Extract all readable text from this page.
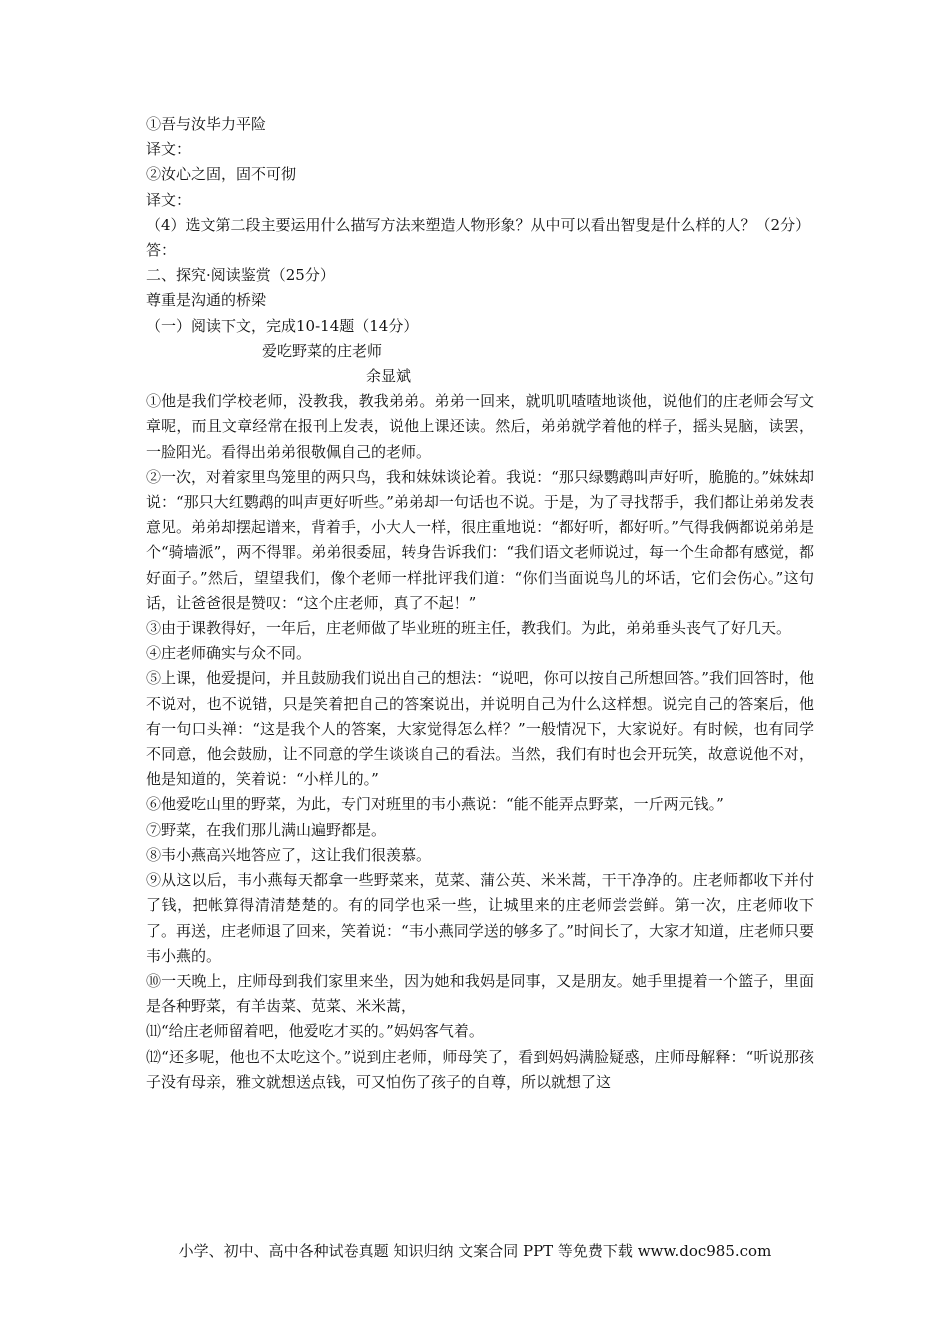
①吾与汝毕力平险
译文：
②汝心之固，固不可彻
译文：

（4）选文第二段主要运用什么描写方法来塑造人物形象？从中可以看出智叟是什么样的人？（2分）

答：
二、探究·阅读鉴赏（25分）
尊重是沟通的桥梁
（一）阅读下文，完成10-14题（14分）
爱吃野菜的庄老师
余显斌

①他是我们学校老师，没教我，教我弟弟。弟弟一回来，就叽叽喳喳地谈他，说他们的庄老师会写文章呢，而且文章经常在报刊上发表，说他上课还读。然后，弟弟就学着他的样子，摇头晃脑，读罢，一脸阳光。看得出弟弟很敬佩自己的老师。

②一次，对着家里鸟笼里的两只鸟，我和妹妹谈论着。我说：“那只绿鹦鹉叫声好听，脆脆的。”妹妹却说：“那只大红鹦鹉的叫声更好听些。”弟弟却一句话也不说。于是，为了寻找帮手，我们都让弟弟发表意见。弟弟却摆起谱来，背着手，小大人一样，很庄重地说：“都好听，都好听。”气得我俩都说弟弟是个“骑墙派”，两不得罪。弟弟很委屈，转身告诉我们：“我们语文老师说过，每一个生命都有感觉，都好面子。”然后，望望我们，像个老师一样批评我们道：“你们当面说鸟儿的坏话，它们会伤心。”这句话，让爸爸很是赞叹：“这个庄老师，真了不起！”

③由于课教得好，一年后，庄老师做了毕业班的班主任，教我们。为此，弟弟垂头丧气了好几天。

④庄老师确实与众不同。

⑤上课，他爱提问，并且鼓励我们说出自己的想法：“说吧，你可以按自己所想回答。”我们回答时，他不说对，也不说错，只是笑着把自己的答案说出，并说明自己为什么这样想。说完自己的答案后，他有一句口头禅：“这是我个人的答案，大家觉得怎么样？”一般情况下，大家说好。有时候，也有同学不同意，他会鼓励，让不同意的学生谈谈自己的看法。当然，我们有时也会开玩笑，故意说他不对，他是知道的，笑着说：“小样儿的。”

⑥他爱吃山里的野菜，为此，专门对班里的韦小燕说：“能不能弄点野菜，一斤两元钱。”

⑦野菜，在我们那儿满山遍野都是。

⑧韦小燕高兴地答应了，这让我们很羡慕。

⑨从这以后，韦小燕每天都拿一些野菜来，苋菜、蒲公英、米米蒿，干干净净的。庄老师都收下并付了钱，把帐算得清清楚楚的。有的同学也采一些，让城里来的庄老师尝尝鲜。第一次，庄老师收下了。再送，庄老师退了回来，笑着说：“韦小燕同学送的够多了。”时间长了，大家才知道，庄老师只要韦小燕的。

⑩一天晚上，庄师母到我们家里来坐，因为她和我妈是同事，又是朋友。她手里提着一个篮子，里面是各种野菜，有羊齿菜、苋菜、米米蒿，

⑾“给庄老师留着吧，他爱吃才买的。”妈妈客气着。

⑿“还多呢，他也不太吃这个。”说到庄老师，师母笑了，看到妈妈满脸疑惑，庄师母解释：“听说那孩子没有母亲，雅文就想送点钱，可又怕伤了孩子的自尊，所以就想了这

小学、初中、高中各种试卷真题 知识归纳 文案合同 PPT 等免费下载 www.doc985.com
